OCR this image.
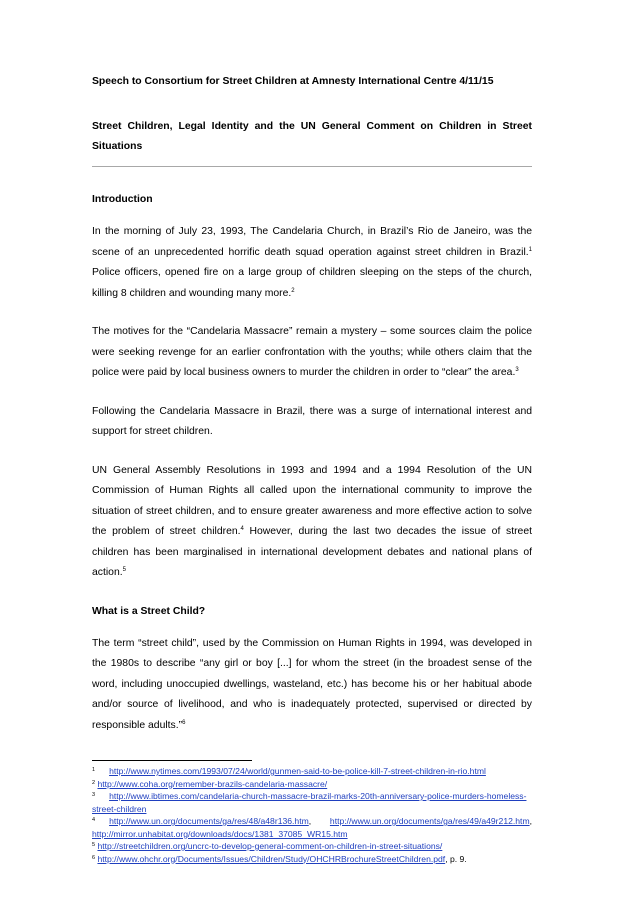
Speech to Consortium for Street Children at Amnesty International Centre 4/11/15

Street Children, Legal Identity and the UN General Comment on Children in Street Situations

Introduction

In the morning of July 23, 1993, The Candelaria Church, in Brazil’s Rio de Janeiro, was the scene of an unprecedented horrific death squad operation against street children in Brazil.$^1$ Police officers, opened fire on a large group of children sleeping on the steps of the church, killing 8 children and wounding many more.$^2$

The motives for the “Candelaria Massacre” remain a mystery – some sources claim the police were seeking revenge for an earlier confrontation with the youths; while others claim that the police were paid by local business owners to murder the children in order to “clear” the area.$^3$

Following the Candelaria Massacre in Brazil, there was a surge of international interest and support for street children.

UN General Assembly Resolutions in 1993 and 1994 and a 1994 Resolution of the UN Commission of Human Rights all called upon the international community to improve the situation of street children, and to ensure greater awareness and more effective action to solve the problem of street children.$^4$ However, during the last two decades the issue of street children has been marginalised in international development debates and national plans of action.$^5$

What is a Street Child?

The term “street child”, used by the Commission on Human Rights in 1994, was developed in the 1980s to describe “any girl or boy [...] for whom the street (in the broadest sense of the word, including unoccupied dwellings, wasteland, etc.) has become his or her habitual abode and/or source of livelihood, and who is inadequately protected, supervised or directed by responsible adults.”$^6$

$^1$ http://www.nytimes.com/1993/07/24/world/gunmen-said-to-be-police-kill-7-street-children-in-rio.html

$^2$ http://www.coha.org/remember-brazils-candelaria-massacre/

$^3$ http://www.ibtimes.com/candelaria-church-massacre-brazil-marks-20th-anniversary-police-murders-homeless-street-children

$^4$ http://www.un.org/documents/ga/res/48/a48r136.htm, http://www.un.org/documents/ga/res/49/a49r212.htm, http://mirror.unhabitat.org/downloads/docs/1381_37085_WR15.htm

$^5$ http://streetchildren.org/uncrc-to-develop-general-comment-on-children-in-street-situations/

$^6$ http://www.ohchr.org/Documents/Issues/Children/Study/OHCHRBrochureStreetChildren.pdf, p. 9.
